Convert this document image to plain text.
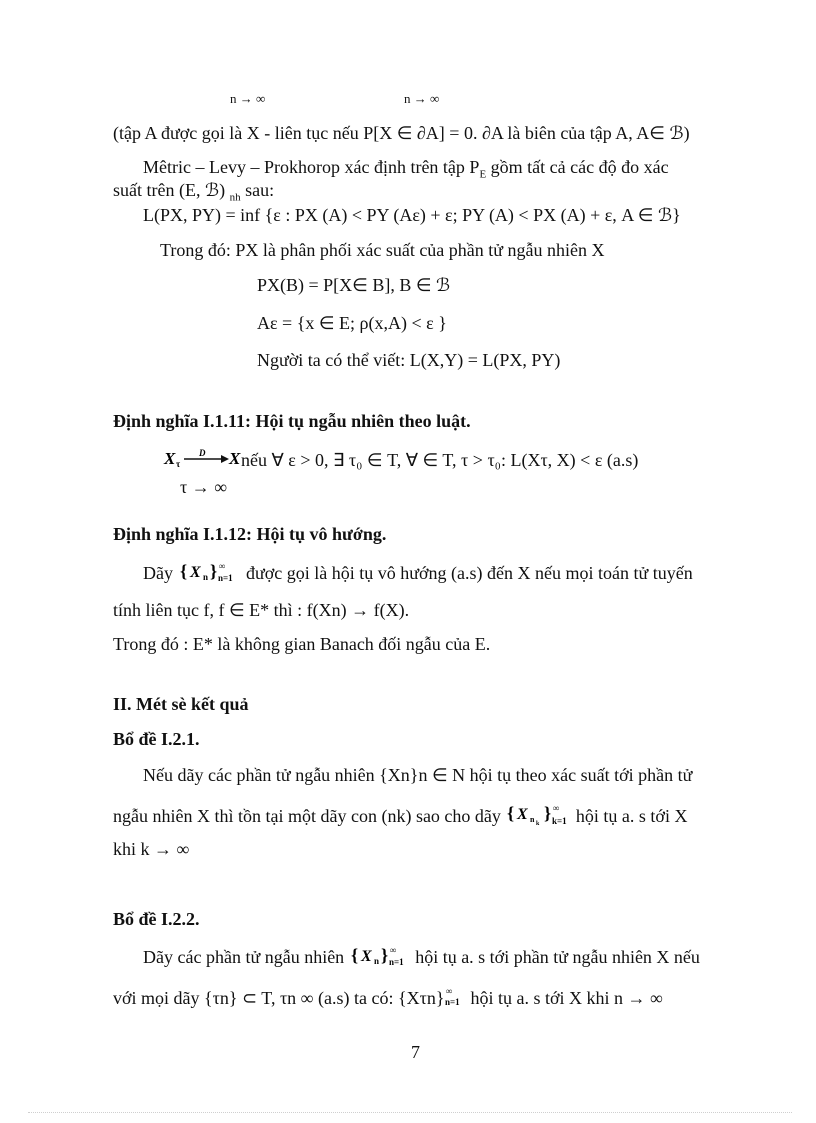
n → ∞	n → ∞
(tập A được gọi là X - liên tục nếu P[X ∈ ∂A] = 0. ∂A là biên của tập A, A∈ ℬ)
Mêtric – Levy – Prokhorop xác định trên tập $P_E$ gồm tất cả các độ đo xác
suất trên (E, ℬ) $_{nh}$ sau:
L(PX, PY) = inf {ε : PX (A) < PY (Aε) + ε; PY (A) < PX (A) + ε, A ∈ ℬ}
Trong đó: PX là phân phối xác suất của phần tử ngẫu nhiên X
PX(B) = P[X∈ B], B ∈ ℬ
Aε = {x ∈ E; ρ(x,A) < ε }
Người ta có thể viết: L(X,Y) = L(PX, PY)
Định nghĩa I.1.11: Hội tụ ngẫu nhiên theo luật.
X τ
D X nếu ∀ ε > 0, ∃ τ₀ ∈ T, ∀ ∈ T, τ > τ₀: L(Xτ, X) < ε (a.s)
τ → ∞
Định nghĩa I.1.12: Hội tụ vô hướng.
Dãy { X n } ∞
n=1 được gọi là hội tụ vô hướng (a.s) đến X nếu mọi toán tử tuyến
tính liên tục f, f ∈ E* thì : f(Xn) → f(X).
Trong đó : E* là không gian Banach đối ngẫu của E.
II. Mét sè kết quả
Bổ đề I.2.1.
Nếu dãy các phần tử ngẫu nhiên {Xn}n ∈ N hội tụ theo xác suất tới phần tử
ngẫu nhiên X thì tồn tại một dãy con (nk) sao cho dãy { X n k
} ∞
k=1 hội tụ a. s tới X
khi k → ∞
Bổ đề I.2.2.
Dãy các phần tử ngẫu nhiên { X n } ∞
n=1 hội tụ a. s tới phần tử ngẫu nhiên X nếu
với mọi dãy {τn} ⊂ T, τn ∞ (a.s) ta có: {Xτn} ∞
n=1 hội tụ a. s tới X khi n → ∞
7
